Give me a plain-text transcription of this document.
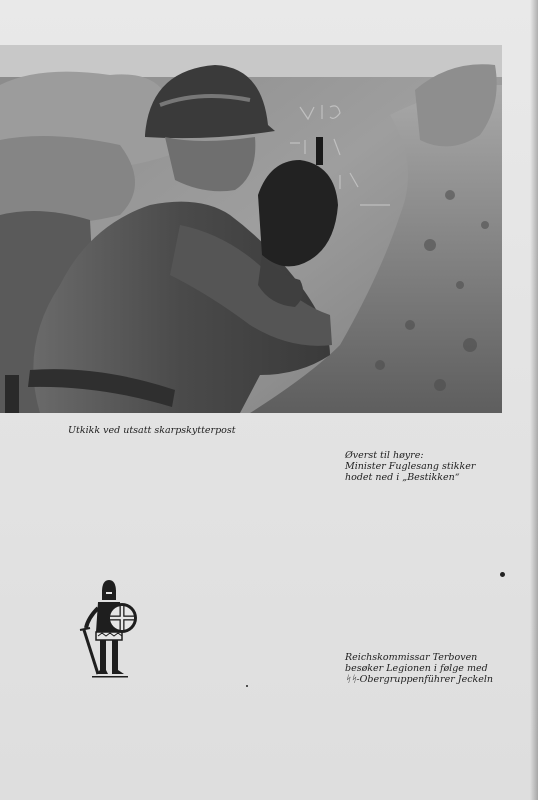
Utkikk ved utsatt skarpskytterpost
Øverst til høyre:
Minister Fuglesang stikker
hodet ned i „Bestikken“
Reichskommissar Terboven
besøker Legionen i følge med
ᛋᛋ-Obergruppenführer Jeckeln
